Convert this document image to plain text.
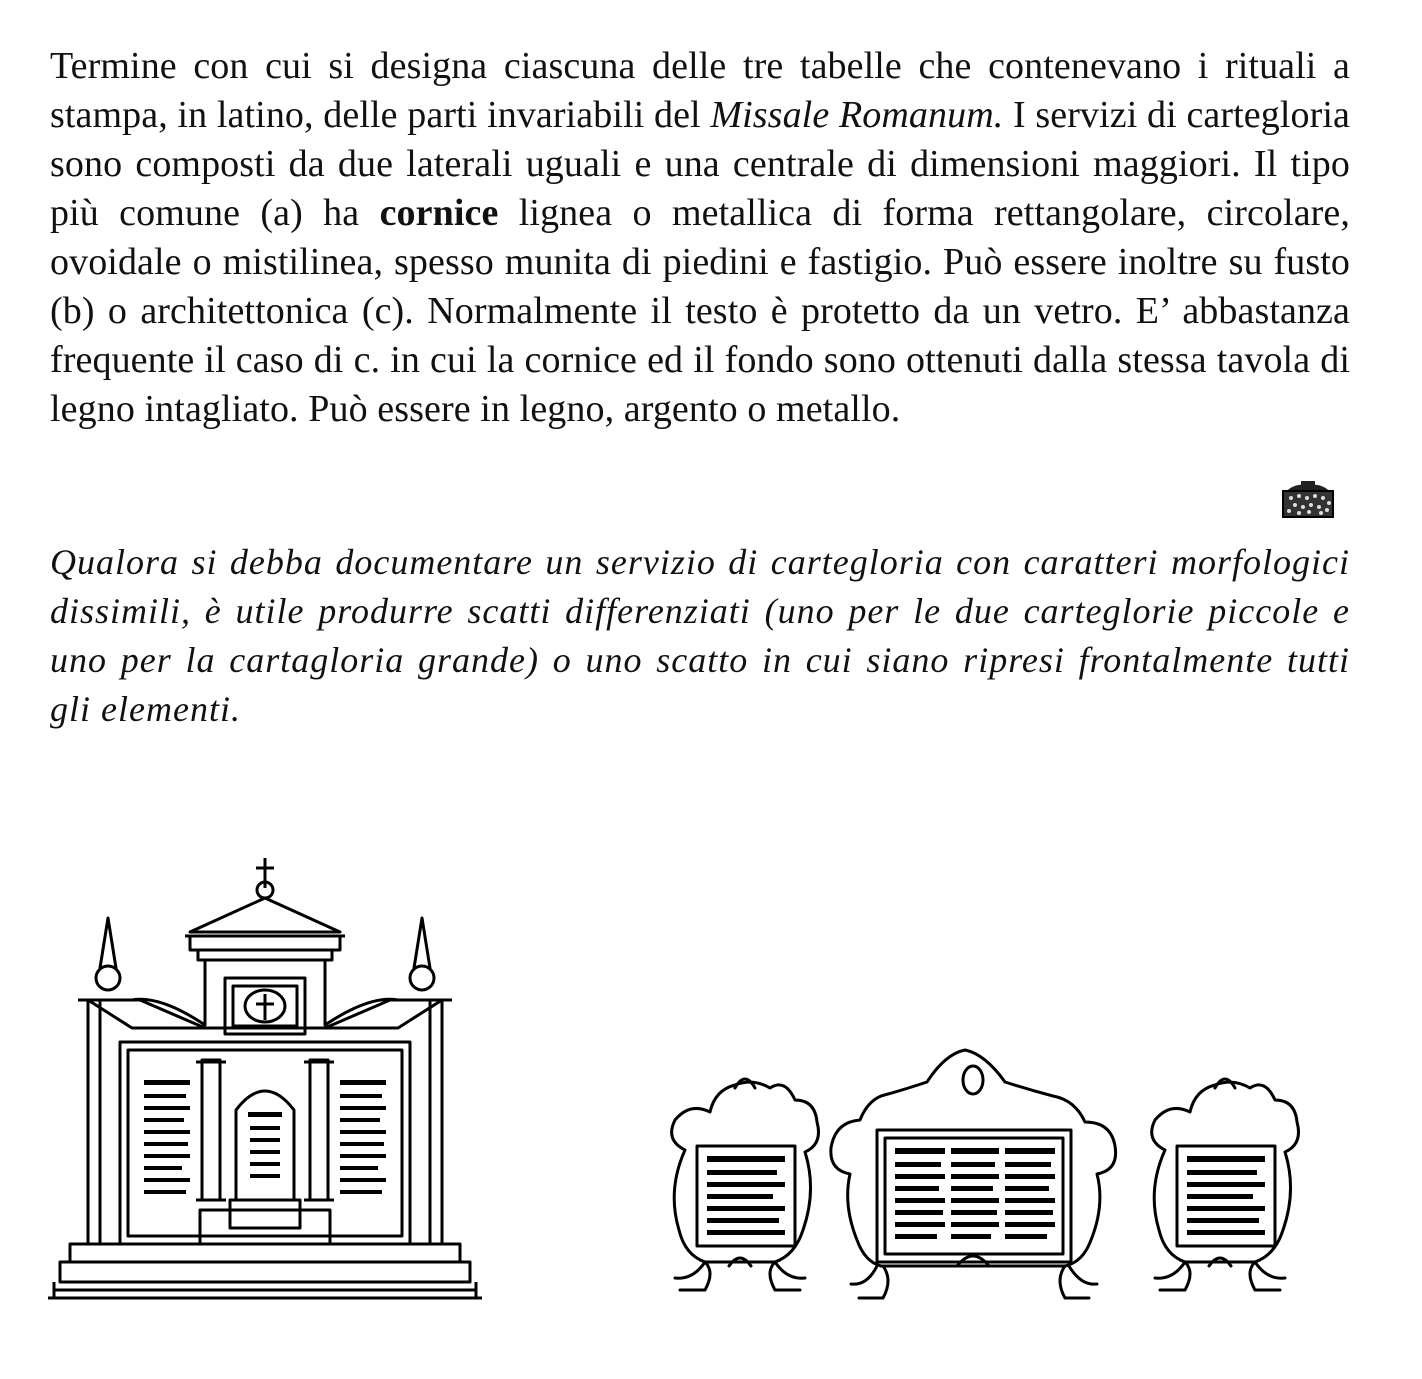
Termine con cui si designa ciascuna delle tre tabelle che contenevano i rituali a stampa, in latino, delle parti invariabili del Missale Romanum. I servizi di cartegloria sono composti da due laterali uguali e una centrale di dimensioni maggiori. Il tipo più comune (a) ha cornice lignea o metallica di forma rettangolare, circolare, ovoidale o mistilinea, spesso munita di piedini e fastigio. Può essere inoltre su fusto (b) o architettonica (c). Normalmente il testo è protetto da un vetro. E’ abbastanza frequente il caso di c. in cui la cornice ed il fondo sono ottenuti dalla stessa tavola di legno intagliato. Può essere in legno, argento o metallo.

Qualora si debba documentare un servizio di cartegloria con caratteri morfologici dissimili, è utile produrre scatti differenziati (uno per le due carteglorie piccole e uno per la cartagloria grande) o uno scatto in cui siano ripresi frontalmente tutti gli elementi.
